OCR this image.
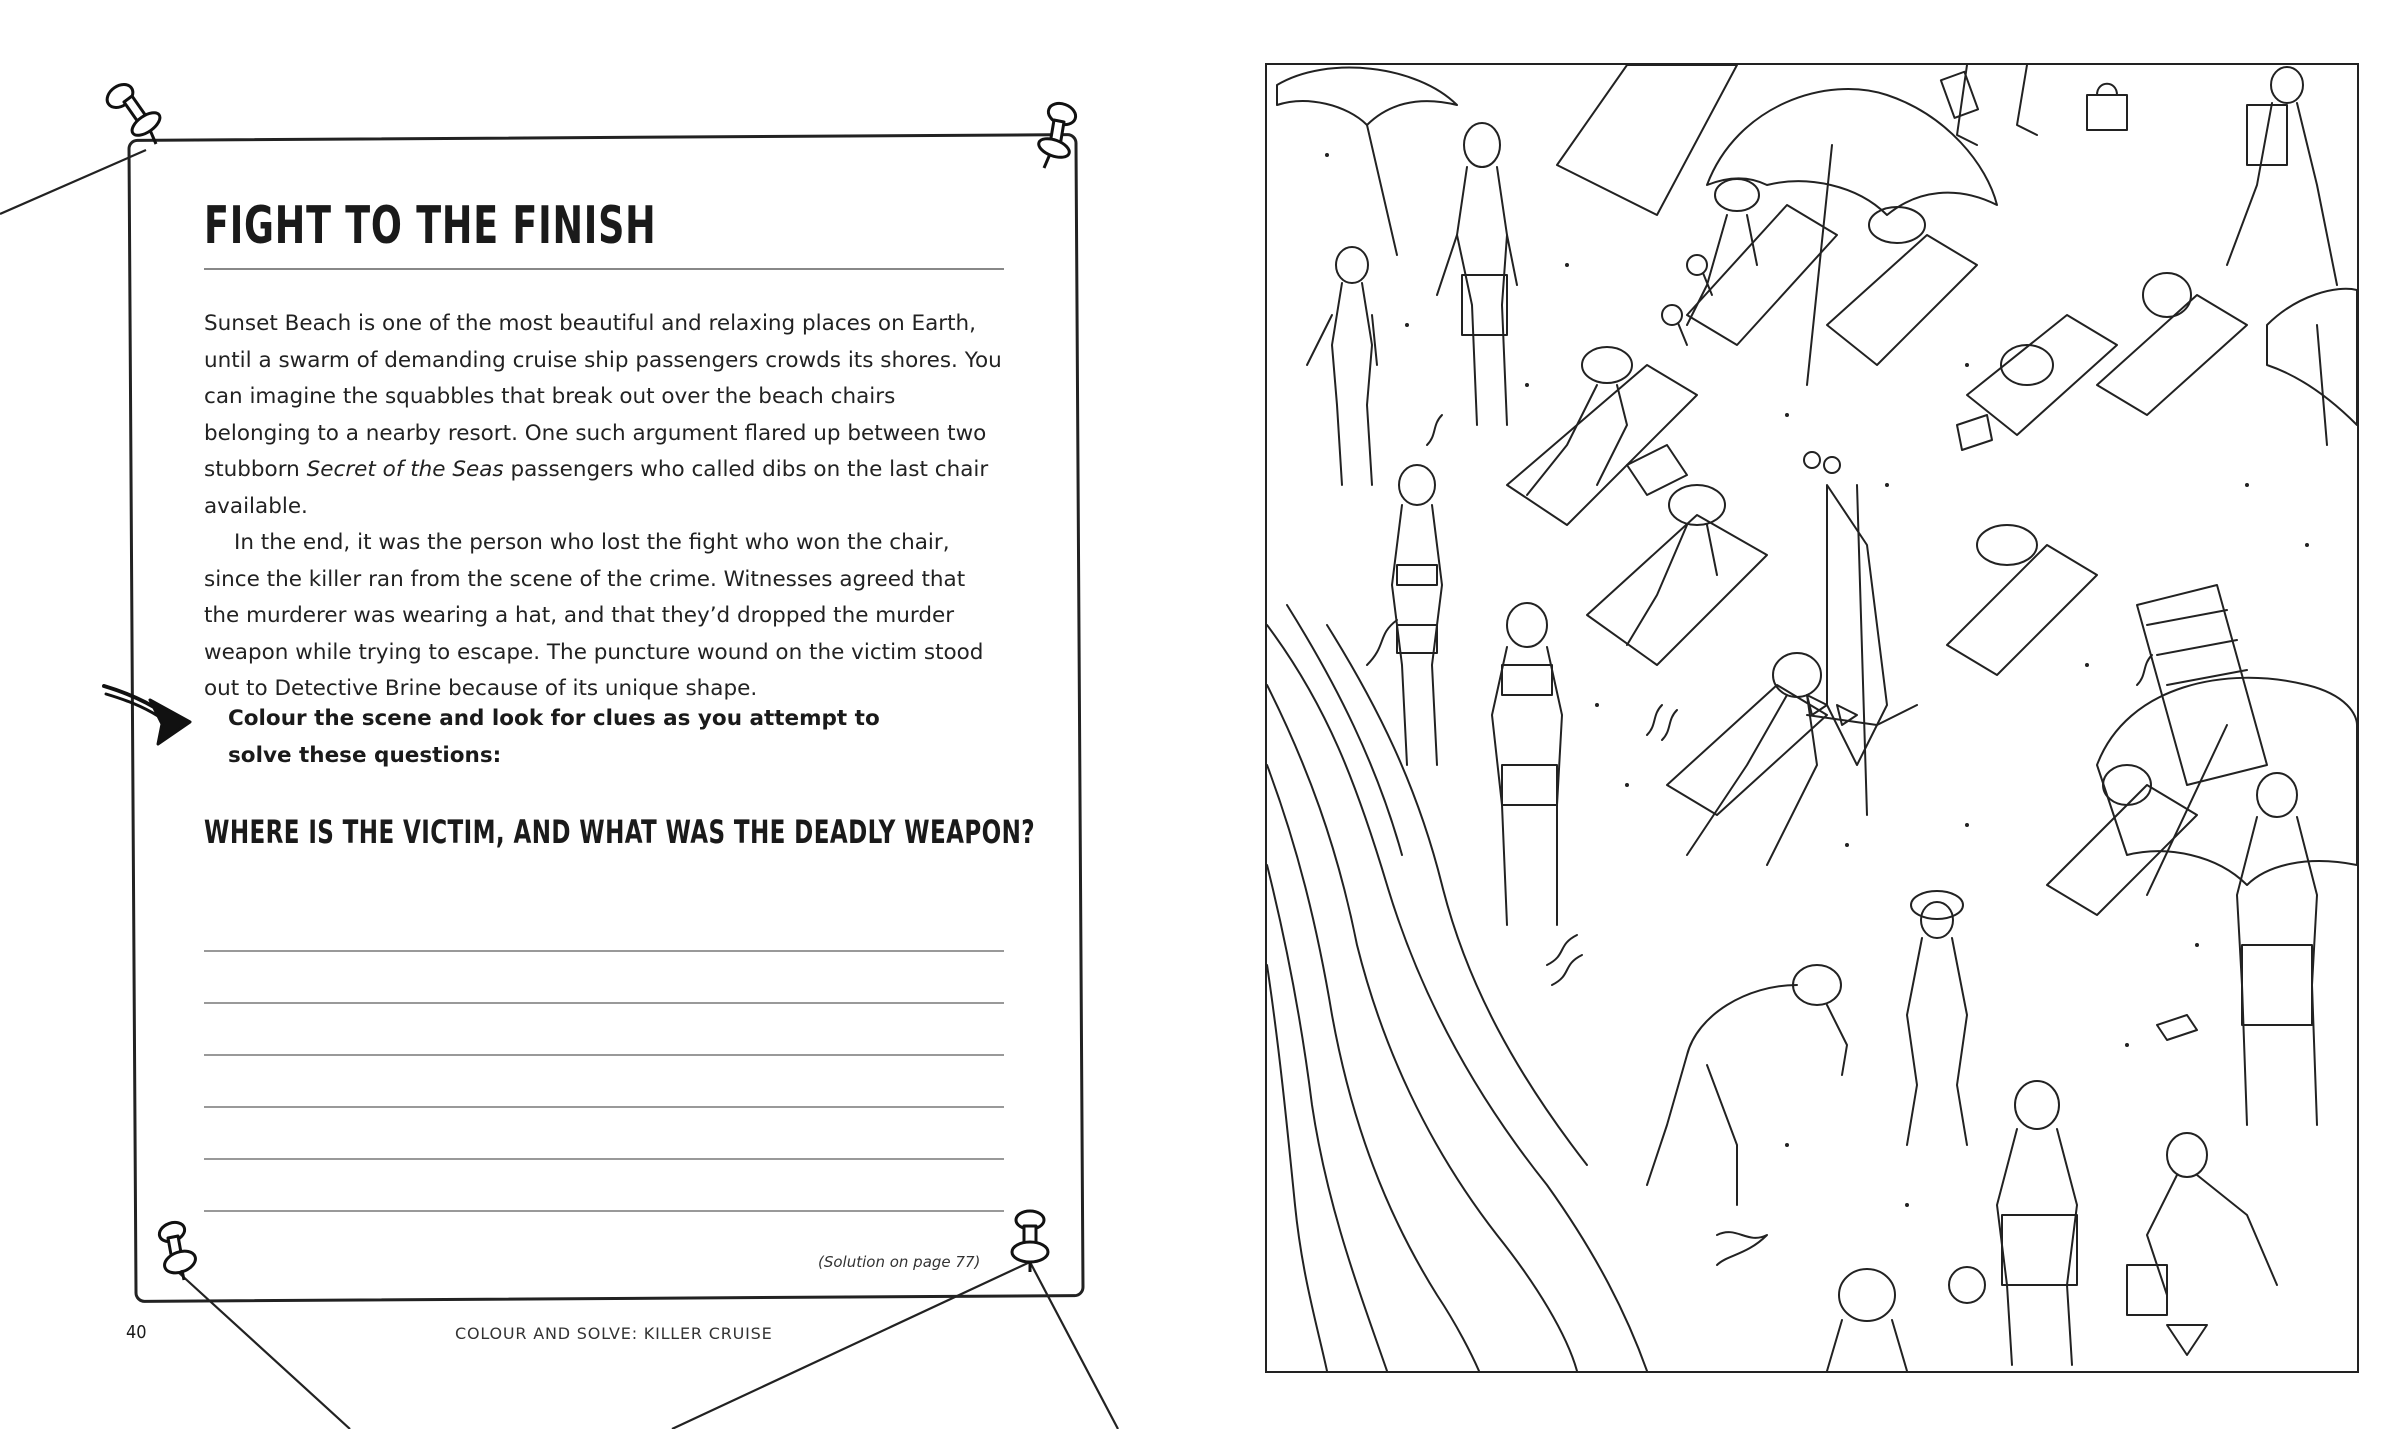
FIGHT TO THE FINISH

Sunset Beach is one of the most beautiful and relaxing places on Earth, until a swarm of demanding cruise ship passengers crowds its shores. You can imagine the squabbles that break out over the beach chairs belonging to a nearby resort. One such argument flared up between two stubborn Secret of the Seas passengers who called dibs on the last chair available.

In the end, it was the person who lost the fight who won the chair, since the killer ran from the scene of the crime. Witnesses agreed that the murderer was wearing a hat, and that they’d dropped the murder weapon while trying to escape. The puncture wound on the victim stood out to Detective Brine because of its unique shape.

Colour the scene and look for clues as you attempt to solve these questions:
WHERE IS THE VICTIM, AND WHAT WAS THE DEADLY WEAPON?
(Solution on page 77)
40	COLOUR AND SOLVE: KILLER CRUISE
